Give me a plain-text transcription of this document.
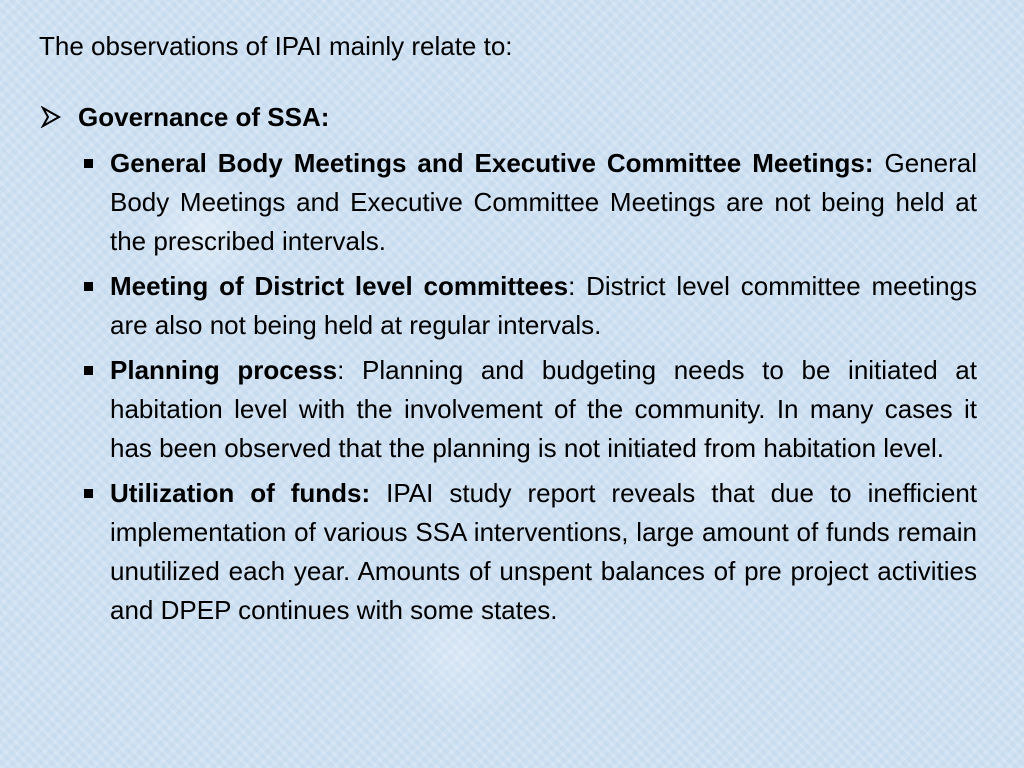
The observations of IPAI mainly relate to:
Governance of SSA:
General Body Meetings and Executive Committee Meetings: General Body Meetings and Executive Committee Meetings are not being held at the prescribed intervals.
Meeting of District level committees: District level committee meetings are also not being held at regular intervals.
Planning process: Planning and budgeting needs to be initiated at habitation level with the involvement of the community. In many cases it has been observed that the planning is not initiated from habitation level.
Utilization of funds: IPAI study report reveals that due to inefficient implementation of various SSA interventions, large amount of funds remain unutilized each year. Amounts of unspent balances of pre project activities and DPEP continues with some states.
